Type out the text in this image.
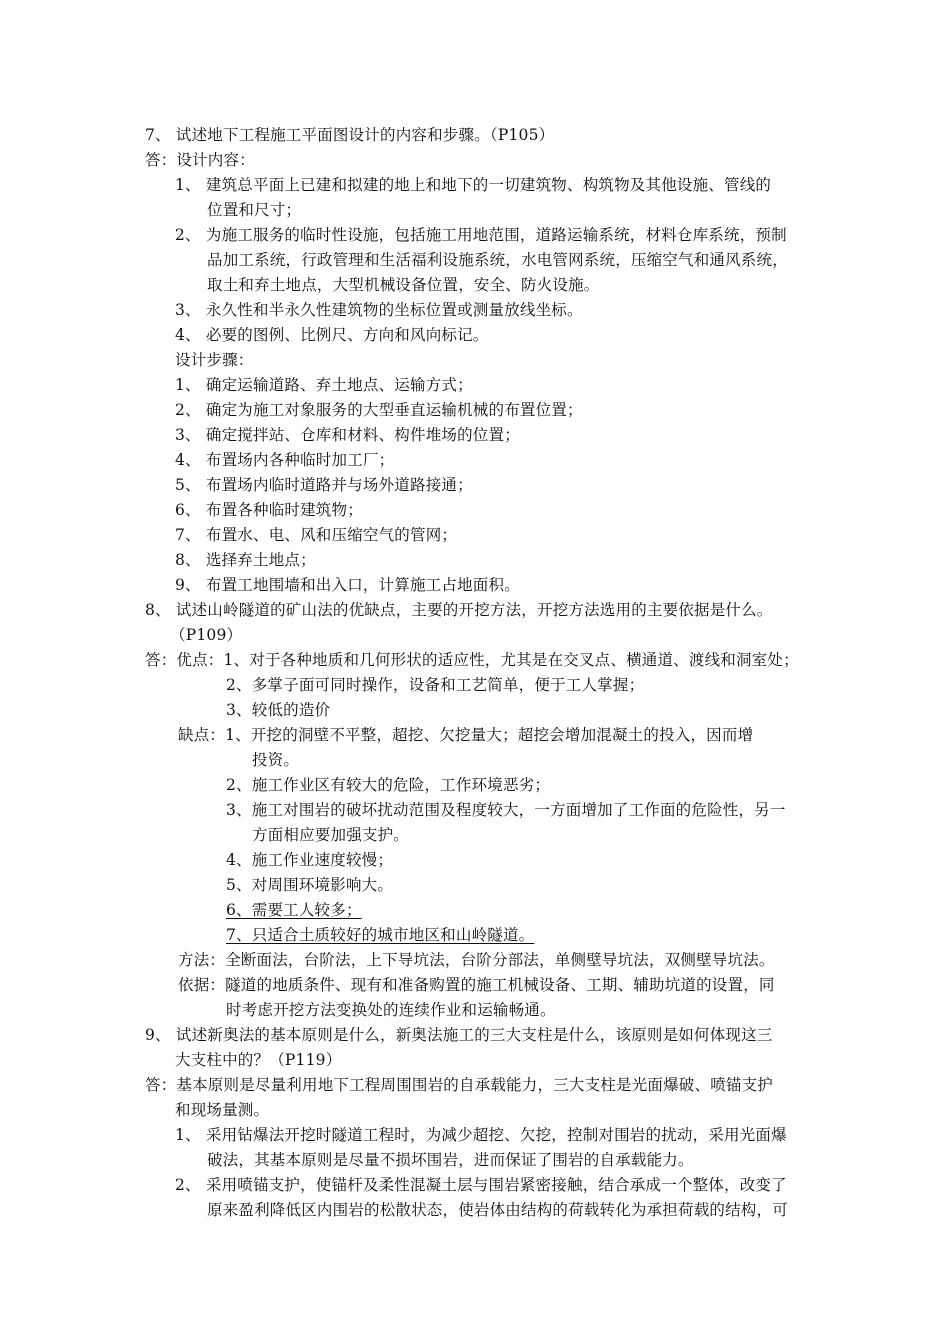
7、 试述地下工程施工平面图设计的内容和步骤。（P105）
答：设计内容：
1、 建筑总平面上已建和拟建的地上和地下的一切建筑物、构筑物及其他设施、管线的
位置和尺寸；
2、 为施工服务的临时性设施，包括施工用地范围，道路运输系统，材料仓库系统，预制
品加工系统，行政管理和生活福利设施系统，水电管网系统，压缩空气和通风系统，
取土和弃土地点，大型机械设备位置，安全、防火设施。
3、 永久性和半永久性建筑物的坐标位置或测量放线坐标。
4、 必要的图例、比例尺、方向和风向标记。
设计步骤：
1、 确定运输道路、弃土地点、运输方式；
2、 确定为施工对象服务的大型垂直运输机械的布置位置；
3、 确定搅拌站、仓库和材料、构件堆场的位置；
4、 布置场内各种临时加工厂；
5、 布置场内临时道路并与场外道路接通；
6、 布置各种临时建筑物；
7、 布置水、电、风和压缩空气的管网；
8、 选择弃土地点；
9、 布置工地围墙和出入口，计算施工占地面积。
8、 试述山岭隧道的矿山法的优缺点，主要的开挖方法，开挖方法选用的主要依据是什么。
（P109）
答：优点：1、对于各种地质和几何形状的适应性，尤其是在交叉点、横通道、渡线和洞室处；
2、多掌子面可同时操作，设备和工艺简单，便于工人掌握；
3、较低的造价
缺点：1、开挖的洞壁不平整，超挖、欠挖量大；超挖会增加混凝土的投入，因而增
投资。
2、施工作业区有较大的危险，工作环境恶劣；
3、施工对围岩的破坏扰动范围及程度较大，一方面增加了工作面的危险性，另一
方面相应要加强支护。
4、施工作业速度较慢；
5、对周围环境影响大。
6、需要工人较多；
7、只适合土质较好的城市地区和山岭隧道。
方法：全断面法，台阶法，上下导坑法，台阶分部法，单侧壁导坑法，双侧壁导坑法。
依据：隧道的地质条件、现有和准备购置的施工机械设备、工期、辅助坑道的设置，同
时考虑开挖方法变换处的连续作业和运输畅通。
9、 试述新奥法的基本原则是什么，新奥法施工的三大支柱是什么，该原则是如何体现这三
大支柱中的？（P119）
答：基本原则是尽量利用地下工程周围围岩的自承载能力，三大支柱是光面爆破、喷锚支护
和现场量测。
1、 采用钻爆法开挖时隧道工程时，为减少超挖、欠挖，控制对围岩的扰动，采用光面爆
破法，其基本原则是尽量不损坏围岩，进而保证了围岩的自承载能力。
2、 采用喷锚支护，使锚杆及柔性混凝土层与围岩紧密接触，结合承成一个整体，改变了
原来盈利降低区内围岩的松散状态，使岩体由结构的荷载转化为承担荷载的结构，可
